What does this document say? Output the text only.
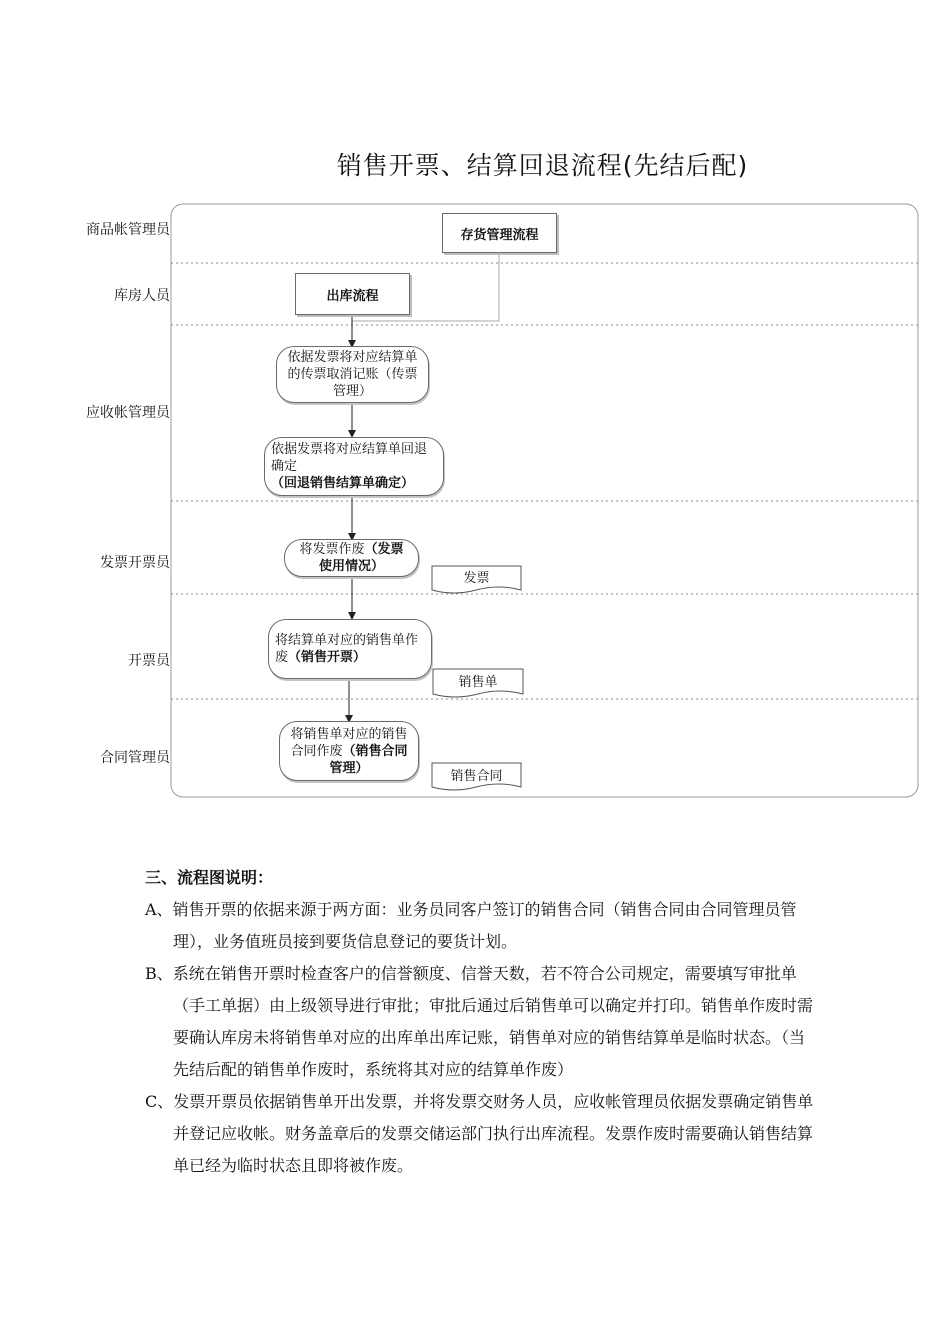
销售开票、结算回退流程(先结后配)
商品帐管理员
库房人员
应收帐管理员
发票开票员
开票员
合同管理员
存货管理流程
出库流程
依据发票将对应结算单的传票取消记账（传票管理）
依据发票将对应结算单回退确定（回退销售结算单确定）
将发票作废（发票使用情况）
将结算单对应的销售单作废（销售开票）
将销售单对应的销售合同作废（销售合同管理）
发票
销售单
销售合同
三、流程图说明：
A、销售开票的依据来源于两方面：业务员同客户签订的销售合同（销售合同由合同管理员管理），业务值班员接到要货信息登记的要货计划。
B、系统在销售开票时检查客户的信誉额度、信誉天数，若不符合公司规定，需要填写审批单（手工单据）由上级领导进行审批；审批后通过后销售单可以确定并打印。销售单作废时需要确认库房未将销售单对应的出库单出库记账，销售单对应的销售结算单是临时状态。（当先结后配的销售单作废时，系统将其对应的结算单作废）
C、发票开票员依据销售单开出发票，并将发票交财务人员，应收帐管理员依据发票确定销售单并登记应收帐。财务盖章后的发票交储运部门执行出库流程。发票作废时需要确认销售结算单已经为临时状态且即将被作废。
